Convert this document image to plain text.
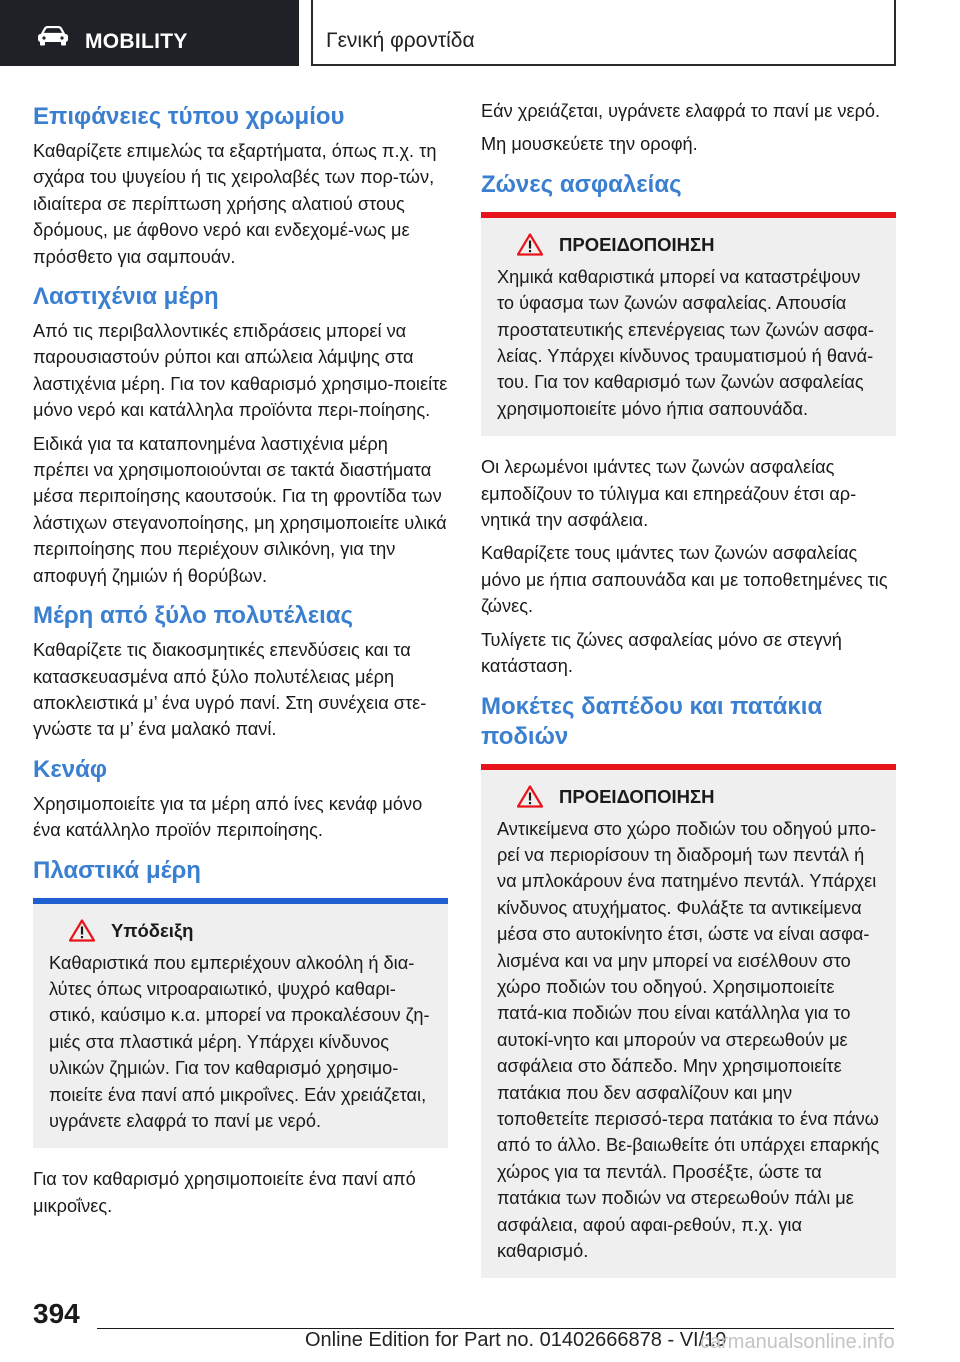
MOBILITY	Γενική φροντίδα
Επιφάνειες τύπου χρωμίου

Καθαρίζετε επιμελώς τα εξαρτήματα, όπως π.χ. τη σχάρα του ψυγείου ή τις χειρολαβές των πορ‐τών, ιδιαίτερα σε περίπτωση χρήσης αλατιού στους δρόμους, με άφθονο νερό και ενδεχομέ‐νως με πρόσθετο για σαμπουάν.

Λαστιχένια μέρη

Από τις περιβαλλοντικές επιδράσεις μπορεί να παρουσιαστούν ρύποι και απώλεια λάμψης στα λαστιχένια μέρη. Για τον καθαρισμό χρησιμο‐ποιείτε μόνο νερό και κατάλληλα προϊόντα περι‐ποίησης.

Ειδικά για τα καταπονημένα λαστιχένια μέρη πρέπει να χρησιμοποιούνται σε τακτά διαστήματα μέσα περιποίησης καουτσούκ. Για τη φροντίδα των λάστιχων στεγανοποίησης, μη χρησιμοποιείτε υλικά περιποίησης που περιέχουν σιλικόνη, για την αποφυγή ζημιών ή θορύβων.

Μέρη από ξύλο πολυτέλειας

Καθαρίζετε τις διακοσμητικές επενδύσεις και τα κατασκευασμένα από ξύλο πολυτέλειας μέρη αποκλειστικά μ’ ένα υγρό πανί. Στη συνέχεια στε‐γνώστε τα μ’ ένα μαλακό πανί.

Κενάφ

Χρησιμοποιείτε για τα μέρη από ίνες κενάφ μόνο ένα κατάλληλο προϊόν περιποίησης.

Πλαστικά μέρη
Υπόδειξη

Καθαριστικά που εμπεριέχουν αλκοόλη ή δια‐λύτες όπως νιτροαραιωτικό, ψυχρό καθαρι‐στικό, καύσιμο κ.α. μπορεί να προκαλέσουν ζη‐μιές στα πλαστικά μέρη. Υπάρχει κίνδυνος υλικών ζημιών. Για τον καθαρισμό χρησιμο‐ποιείτε ένα πανί από μικροΐνες. Εάν χρειάζεται, υγράνετε ελαφρά το πανί με νερό.

Για τον καθαρισμό χρησιμοποιείτε ένα πανί από μικροΐνες.

Εάν χρειάζεται, υγράνετε ελαφρά το πανί με νερό.

Μη μουσκεύετε την οροφή.

Ζώνες ασφαλείας
ΠΡΟΕΙΔΟΠΟΙΗΣΗ

Χημικά καθαριστικά μπορεί να καταστρέψουν το ύφασμα των ζωνών ασφαλείας. Απουσία προστατευτικής επενέργειας των ζωνών ασφα‐λείας. Υπάρχει κίνδυνος τραυματισμού ή θανά‐του. Για τον καθαρισμό των ζωνών ασφαλείας χρησιμοποιείτε μόνο ήπια σαπουνάδα.

Οι λερωμένοι ιμάντες των ζωνών ασφαλείας εμποδίζουν το τύλιγμα και επηρεάζουν έτσι αρ‐νητικά την ασφάλεια.

Καθαρίζετε τους ιμάντες των ζωνών ασφαλείας μόνο με ήπια σαπουνάδα και με τοποθετημένες τις ζώνες.

Τυλίγετε τις ζώνες ασφαλείας μόνο σε στεγνή κατάσταση.

Μοκέτες δαπέδου και πατάκια ποδιών
ΠΡΟΕΙΔΟΠΟΙΗΣΗ

Αντικείμενα στο χώρο ποδιών του οδηγού μπο‐ρεί να περιορίσουν τη διαδρομή των πεντάλ ή να μπλοκάρουν ένα πατημένο πεντάλ. Υπάρχει κίνδυνος ατυχήματος. Φυλάξτε τα αντικείμενα μέσα στο αυτοκίνητο έτσι, ώστε να είναι ασφα‐λισμένα και να μην μπορεί να εισέλθουν στο χώρο ποδιών του οδηγού. Χρησιμοποιείτε πατά‐κια ποδιών που είναι κατάλληλα για το αυτοκί‐νητο και μπορούν να στερεωθούν με ασφάλεια στο δάπεδο. Μην χρησιμοποιείτε πατάκια που δεν ασφαλίζουν και μην τοποθετείτε περισσό‐τερα πατάκια το ένα πάνω από το άλλο. Βε‐βαιωθείτε ότι υπάρχει επαρκής χώρος για τα πεντάλ. Προσέξτε, ώστε τα πατάκια των ποδιών να στερεωθούν πάλι με ασφάλεια, αφού αφαι‐ρεθούν, π.χ. για καθαρισμό.

394
Online Edition for Part no. 01402666878 - VI/19
carmanualsonline.info
